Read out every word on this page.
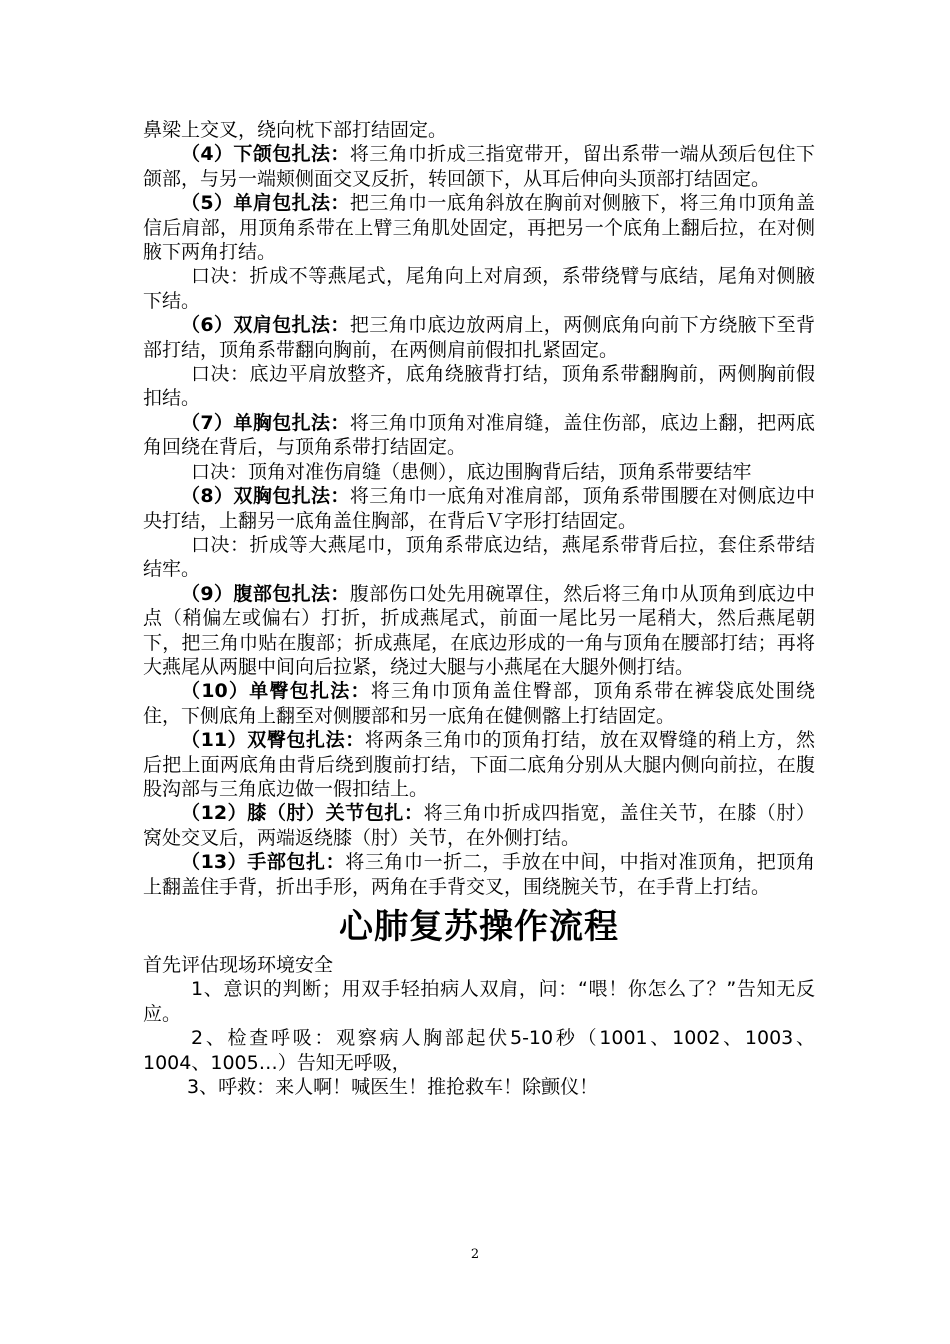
鼻梁上交叉，绕向枕下部打结固定。

（4）下颌包扎法：将三角巾折成三指宽带开，留出系带一端从颈后包住下颌部，与另一端颊侧面交叉反折，转回颌下，从耳后伸向头顶部打结固定。

（5）单肩包扎法：把三角巾一底角斜放在胸前对侧腋下，将三角巾顶角盖信后肩部，用顶角系带在上臂三角肌处固定，再把另一个底角上翻后拉，在对侧腋下两角打结。

口决：折成不等燕尾式，尾角向上对肩颈，系带绕臂与底结，尾角对侧腋下结。

（6）双肩包扎法：把三角巾底边放两肩上，两侧底角向前下方绕腋下至背部打结，顶角系带翻向胸前，在两侧肩前假扣扎紧固定。

口决：底边平肩放整齐，底角绕腋背打结，顶角系带翻胸前，两侧胸前假扣结。

（7）单胸包扎法：将三角巾顶角对准肩缝，盖住伤部，底边上翻，把两底角回绕在背后，与顶角系带打结固定。

口决：顶角对准伤肩缝（患侧），底边围胸背后结，顶角系带要结牢

（8）双胸包扎法：将三角巾一底角对准肩部，顶角系带围腰在对侧底边中央打结，上翻另一底角盖住胸部，在背后Ｖ字形打结固定。

口决：折成等大燕尾巾，顶角系带底边结，燕尾系带背后拉，套住系带结结牢。

（9）腹部包扎法：腹部伤口处先用碗罩住，然后将三角巾从顶角到底边中点（稍偏左或偏右）打折，折成燕尾式，前面一尾比另一尾稍大，然后燕尾朝下，把三角巾贴在腹部；折成燕尾，在底边形成的一角与顶角在腰部打结；再将大燕尾从两腿中间向后拉紧，绕过大腿与小燕尾在大腿外侧打结。

（10）单臀包扎法：将三角巾顶角盖住臀部，顶角系带在裤袋底处围绕住，下侧底角上翻至对侧腰部和另一底角在健侧髂上打结固定。

（11）双臀包扎法：将两条三角巾的顶角打结，放在双臀缝的稍上方，然后把上面两底角由背后绕到腹前打结，下面二底角分别从大腿内侧向前拉，在腹股沟部与三角底边做一假扣结上。

（12）膝（肘）关节包扎：将三角巾折成四指宽，盖住关节，在膝（肘）窝处交叉后，两端返绕膝（肘）关节，在外侧打结。

（13）手部包扎：将三角巾一折二，手放在中间，中指对准顶角，把顶角上翻盖住手背，折出手形，两角在手背交叉，围绕腕关节，在手背上打结。

心肺复苏操作流程

首先评估现场环境安全

1、意识的判断；用双手轻拍病人双肩，问：“喂！你怎么了？”告知无反应。

2、检查呼吸：观察病人胸部起伏5-10秒（1001、1002、1003、1004、1005…）告知无呼吸，

3、呼救：来人啊！喊医生！推抢救车！除颤仪！

2
